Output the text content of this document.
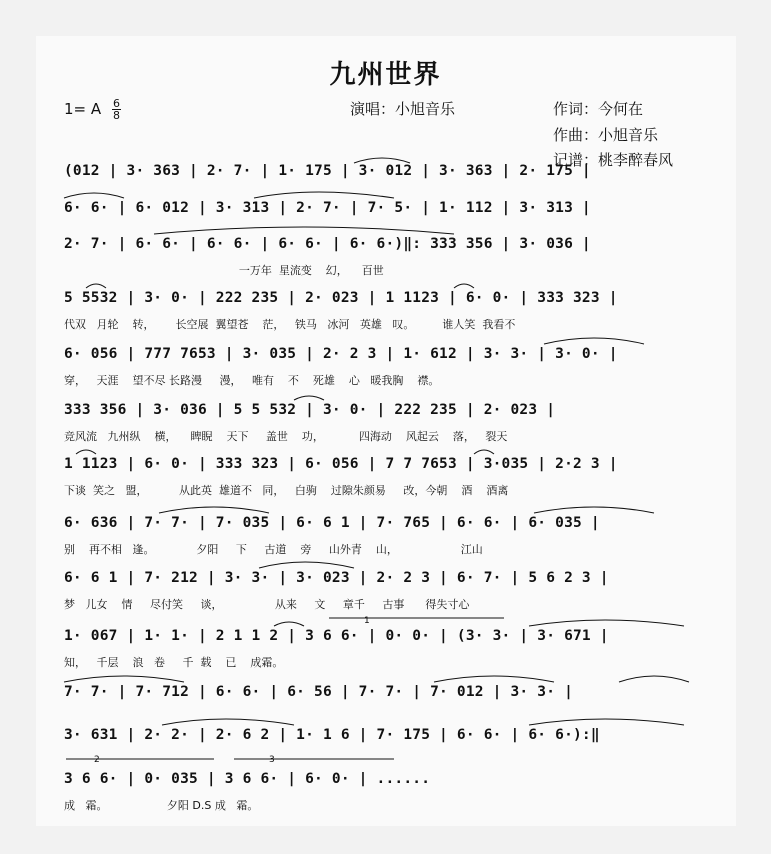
九州世界
1= A $\frac{6}{8}$	演唱：小旭音乐	作词：今何在
作曲：小旭音乐
记谱：桃李醉春风
(012 | 3· 363 | 2· 7· | 1· 175 | 3· 012 | 3· 363 | 2· 175 |
6· 6· | 6· 012 | 3· 313 | 2· 7· | 7· 5· | 1· 112 | 3· 313 |
2· 7· | 6· 6· | 6· 6· | 6· 6· | 6· 6·)‖: 333 356 | 3· 036 |
一万年  星流变    幻，    百世
5 5532 | 3· 0· | 222 235 | 2· 023 | 1 1123 | 6· 0· | 333 323 |
代双   月轮    转，      长空展  翼望苍    茫，   铁马   冰河   英雄   叹。        谁人笑  我看不
6· 056 | 777 7653 | 3· 035 | 2· 2 3 | 1· 612 | 3· 3· | 3· 0· |
穿，   天涯    望不尽 长路漫     漫，   唯有    不    死雄    心   暖我胸    襟。
333 356 | 3· 036 | 5 5 532 | 3· 0· | 222 235 | 2· 023 |
竞风流   九州纵    横，    睥睨    天下     盖世    功，          四海动    风起云    落，   裂天
1 1123 | 6· 0· | 333 323 | 6· 056 | 7 7 7653 | 3·035 | 2·2 3 |
下谈  笑之   盟，         从此英  雄道不   同，   白驹    过隙朱颜易     改，今朝    酒    酒离
6· 636 | 7· 7· | 7· 035 | 6· 6 1 | 7· 765 | 6· 6· | 6· 035 |
别    再不相   逢。            夕阳     下     古道    旁     山外青    山，                  江山
6· 6 1 | 7· 212 | 3· 3· | 3· 023 | 2· 2 3 | 6· 7· | 5 6 2 3 |
梦   儿女    情     尽付笑     谈，               从来     文     章千     古事      得失寸心
1
1· 067 | 1· 1· | 2 1 1 2 | 3 6 6· | 0· 0· | (3· 3· | 3· 671 |
知，   千层    浪   卷     千  载    已    成霜。
7· 7· | 7· 712 | 6· 6· | 6· 56 | 7· 7· | 7· 012 | 3· 3· |
3· 631 | 2· 2· | 2· 6 2 | 1· 1 6 | 7· 175 | 6· 6· | 6· 6·):‖
2	3
3 6 6· | 0· 035 | 3 6 6· | 6· 0· | ......
成   霜。                 夕阳 D.S 成   霜。
